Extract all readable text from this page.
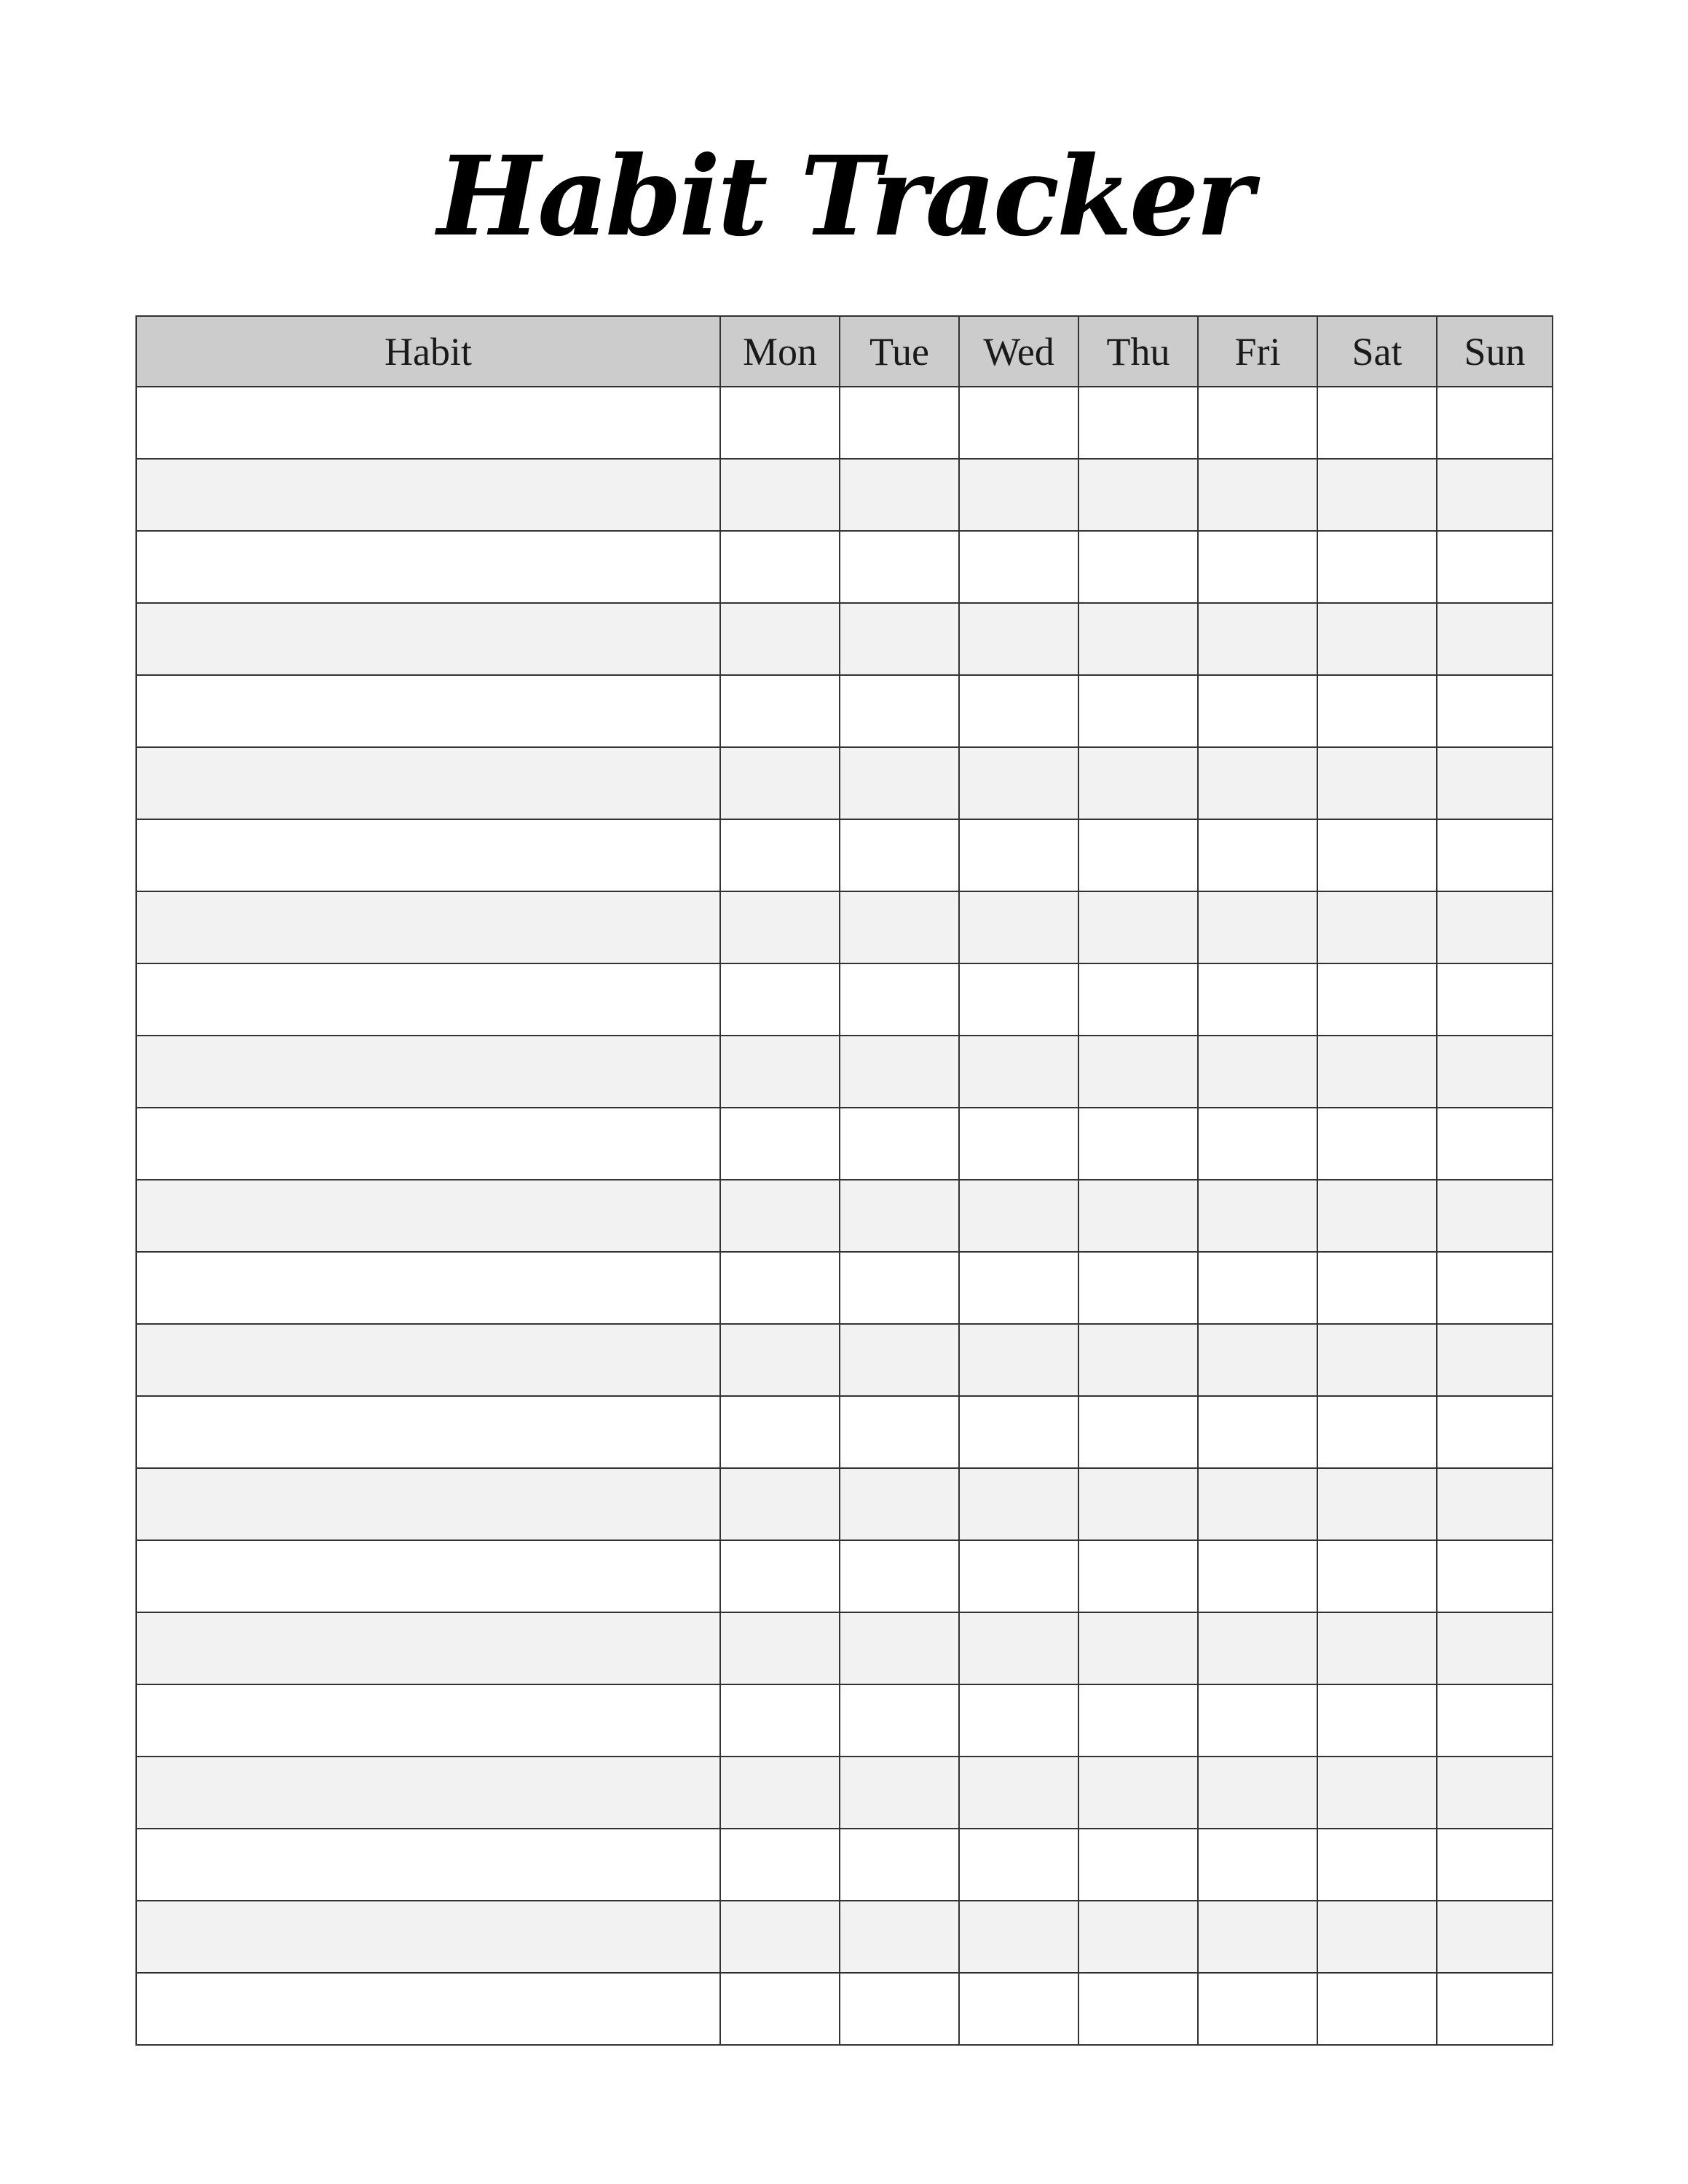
Habit Tracker
Habit	Mon	Tue	Wed	Thu	Fri	Sat	Sun
